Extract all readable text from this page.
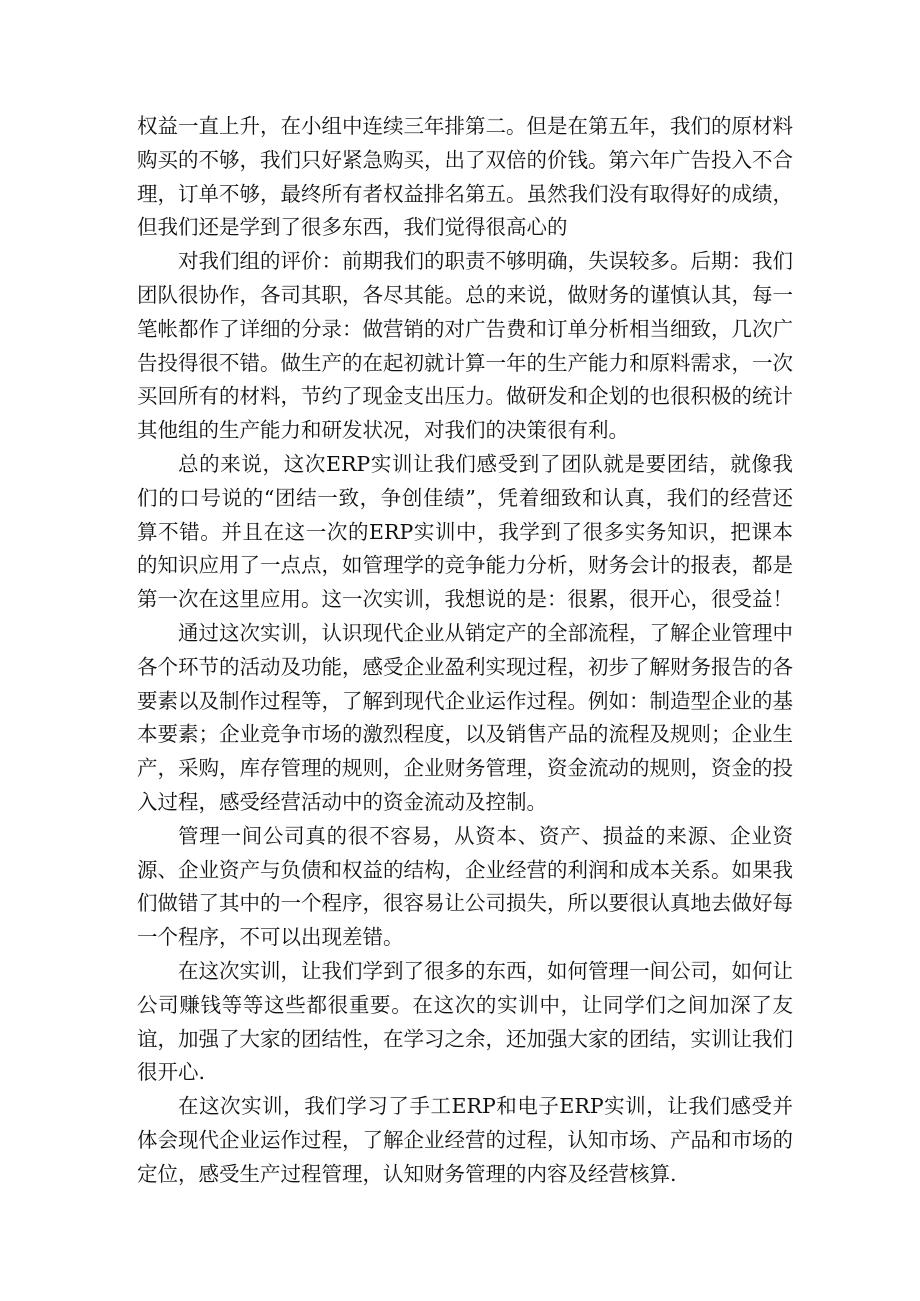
权益一直上升，在小组中连续三年排第二。但是在第五年，我们的原材料购买的不够，我们只好紧急购买，出了双倍的价钱。第六年广告投入不合理，订单不够，最终所有者权益排名第五。虽然我们没有取得好的成绩，但我们还是学到了很多东西，我们觉得很高心的

对我们组的评价：前期我们的职责不够明确，失误较多。后期：我们团队很协作，各司其职，各尽其能。总的来说，做财务的谨慎认其，每一笔帐都作了详细的分录：做营销的对广告费和订单分析相当细致，几次广告投得很不错。做生产的在起初就计算一年的生产能力和原料需求，一次买回所有的材料，节约了现金支出压力。做研发和企划的也很积极的统计其他组的生产能力和研发状况，对我们的决策很有利。

总的来说，这次ERP实训让我们感受到了团队就是要团结，就像我们的口号说的“团结一致，争创佳绩”，凭着细致和认真，我们的经营还算不错。并且在这一次的ERP实训中，我学到了很多实务知识，把课本的知识应用了一点点，如管理学的竞争能力分析，财务会计的报表，都是第一次在这里应用。这一次实训，我想说的是：很累，很开心，很受益！

通过这次实训，认识现代企业从销定产的全部流程，了解企业管理中各个环节的活动及功能，感受企业盈利实现过程，初步了解财务报告的各要素以及制作过程等，了解到现代企业运作过程。例如：制造型企业的基本要素；企业竞争市场的激烈程度，以及销售产品的流程及规则；企业生产，采购，库存管理的规则，企业财务管理，资金流动的规则，资金的投入过程，感受经营活动中的资金流动及控制。

管理一间公司真的很不容易，从资本、资产、损益的来源、企业资源、企业资产与负债和权益的结构，企业经营的利润和成本关系。如果我们做错了其中的一个程序，很容易让公司损失，所以要很认真地去做好每一个程序，不可以出现差错。

在这次实训，让我们学到了很多的东西，如何管理一间公司，如何让公司赚钱等等这些都很重要。在这次的实训中，让同学们之间加深了友谊，加强了大家的团结性，在学习之余，还加强大家的团结，实训让我们很开心.

在这次实训，我们学习了手工ERP和电子ERP实训，让我们感受并体会现代企业运作过程，了解企业经营的过程，认知市场、产品和市场的定位，感受生产过程管理，认知财务管理的内容及经营核算.
